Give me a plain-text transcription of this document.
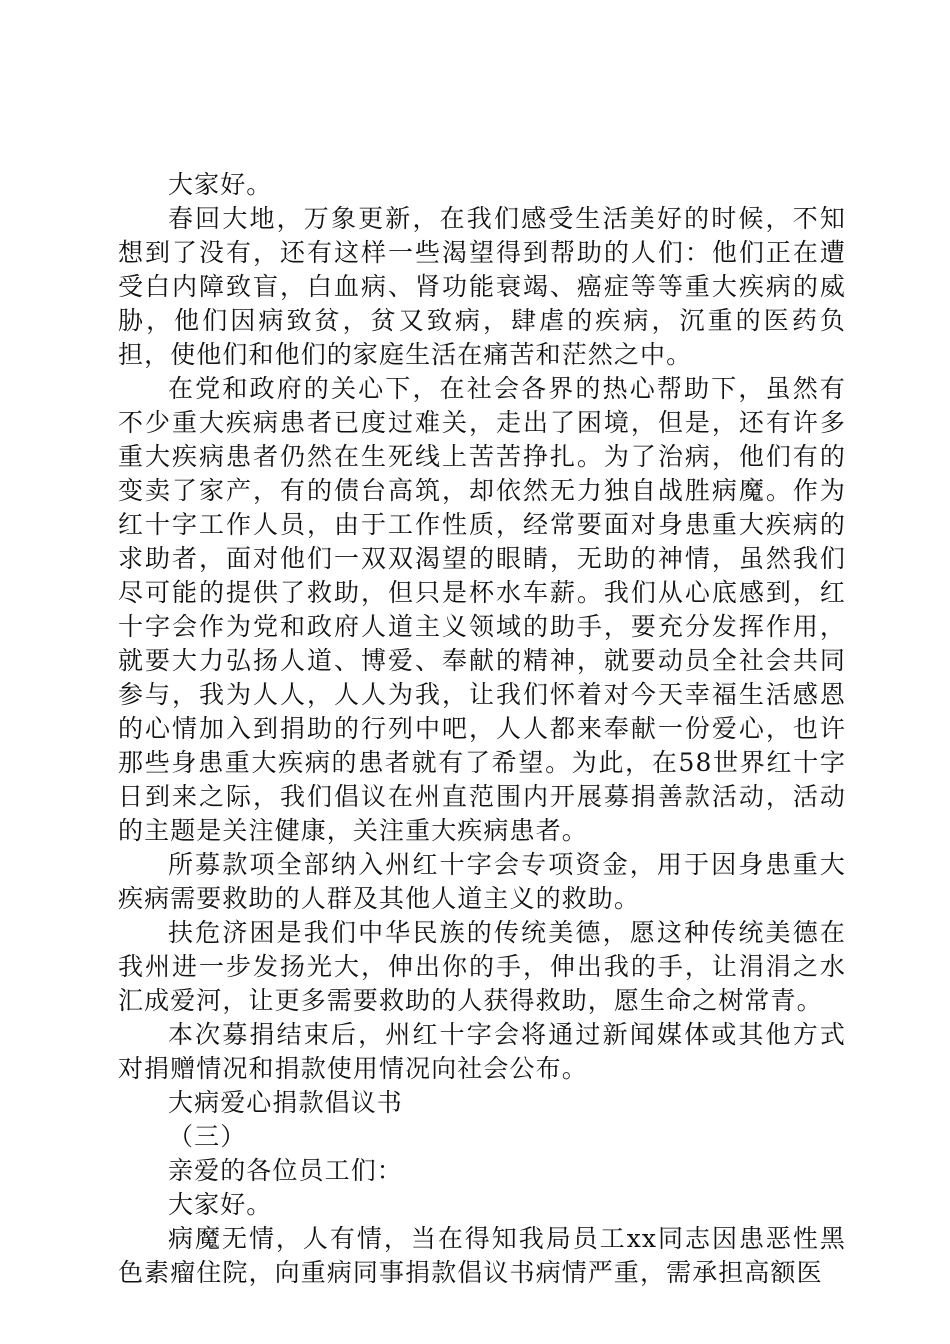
大家好。

春回大地，万象更新，在我们感受生活美好的时候，不知想到了没有，还有这样一些渴望得到帮助的人们：他们正在遭受白内障致盲，白血病、肾功能衰竭、癌症等等重大疾病的威胁，他们因病致贫，贫又致病，肆虐的疾病，沉重的医药负担，使他们和他们的家庭生活在痛苦和茫然之中。

在党和政府的关心下，在社会各界的热心帮助下，虽然有不少重大疾病患者已度过难关，走出了困境，但是，还有许多重大疾病患者仍然在生死线上苦苦挣扎。为了治病，他们有的变卖了家产，有的债台高筑，却依然无力独自战胜病魔。作为红十字工作人员，由于工作性质，经常要面对身患重大疾病的求助者，面对他们一双双渴望的眼睛，无助的神情，虽然我们尽可能的提供了救助，但只是杯水车薪。我们从心底感到，红十字会作为党和政府人道主义领域的助手，要充分发挥作用，就要大力弘扬人道、博爱、奉献的精神，就要动员全社会共同参与，我为人人，人人为我，让我们怀着对今天幸福生活感恩的心情加入到捐助的行列中吧，人人都来奉献一份爱心，也许那些身患重大疾病的患者就有了希望。为此，在58世界红十字日到来之际，我们倡议在州直范围内开展募捐善款活动，活动的主题是关注健康，关注重大疾病患者。

所募款项全部纳入州红十字会专项资金，用于因身患重大疾病需要救助的人群及其他人道主义的救助。

扶危济困是我们中华民族的传统美德，愿这种传统美德在我州进一步发扬光大，伸出你的手，伸出我的手，让涓涓之水汇成爱河，让更多需要救助的人获得救助，愿生命之树常青。

本次募捐结束后，州红十字会将通过新闻媒体或其他方式对捐赠情况和捐款使用情况向社会公布。

大病爱心捐款倡议书

（三）

亲爱的各位员工们：

大家好。

病魔无情，人有情，当在得知我局员工xx同志因患恶性黑色素瘤住院，向重病同事捐款倡议书病情严重，需承担高额医
